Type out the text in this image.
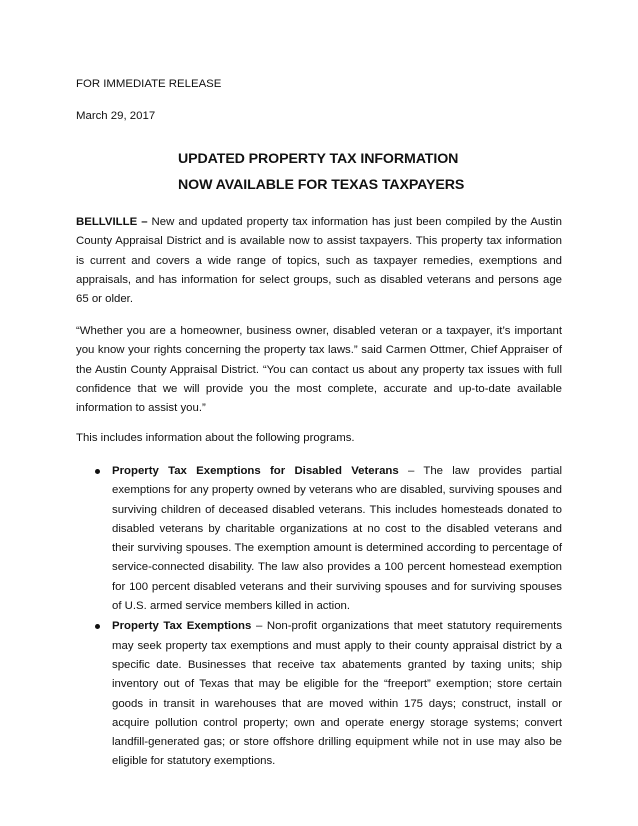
FOR IMMEDIATE RELEASE

March 29, 2017

UPDATED PROPERTY TAX INFORMATION

NOW AVAILABLE FOR TEXAS TAXPAYERS

BELLVILLE – New and updated property tax information has just been compiled by the Austin County Appraisal District and is available now to assist taxpayers. This property tax information is current and covers a wide range of topics, such as taxpayer remedies, exemptions and appraisals, and has information for select groups, such as disabled veterans and persons age 65 or older.

“Whether you are a homeowner, business owner, disabled veteran or a taxpayer, it’s important you know your rights concerning the property tax laws.” said Carmen Ottmer, Chief Appraiser of the Austin County Appraisal District. “You can contact us about any property tax issues with full confidence that we will provide you the most complete, accurate and up-to-date available information to assist you.”

This includes information about the following programs.

Property Tax Exemptions for Disabled Veterans – The law provides partial exemptions for any property owned by veterans who are disabled, surviving spouses and surviving children of deceased disabled veterans. This includes homesteads donated to disabled veterans by charitable organizations at no cost to the disabled veterans and their surviving spouses. The exemption amount is determined according to percentage of service-connected disability. The law also provides a 100 percent homestead exemption for 100 percent disabled veterans and their surviving spouses and for surviving spouses of U.S. armed service members killed in action.
Property Tax Exemptions – Non-profit organizations that meet statutory requirements may seek property tax exemptions and must apply to their county appraisal district by a specific date. Businesses that receive tax abatements granted by taxing units; ship inventory out of Texas that may be eligible for the “freeport” exemption; store certain goods in transit in warehouses that are moved within 175 days; construct, install or acquire pollution control property; own and operate energy storage systems; convert landfill-generated gas; or store offshore drilling equipment while not in use may also be eligible for statutory exemptions.
